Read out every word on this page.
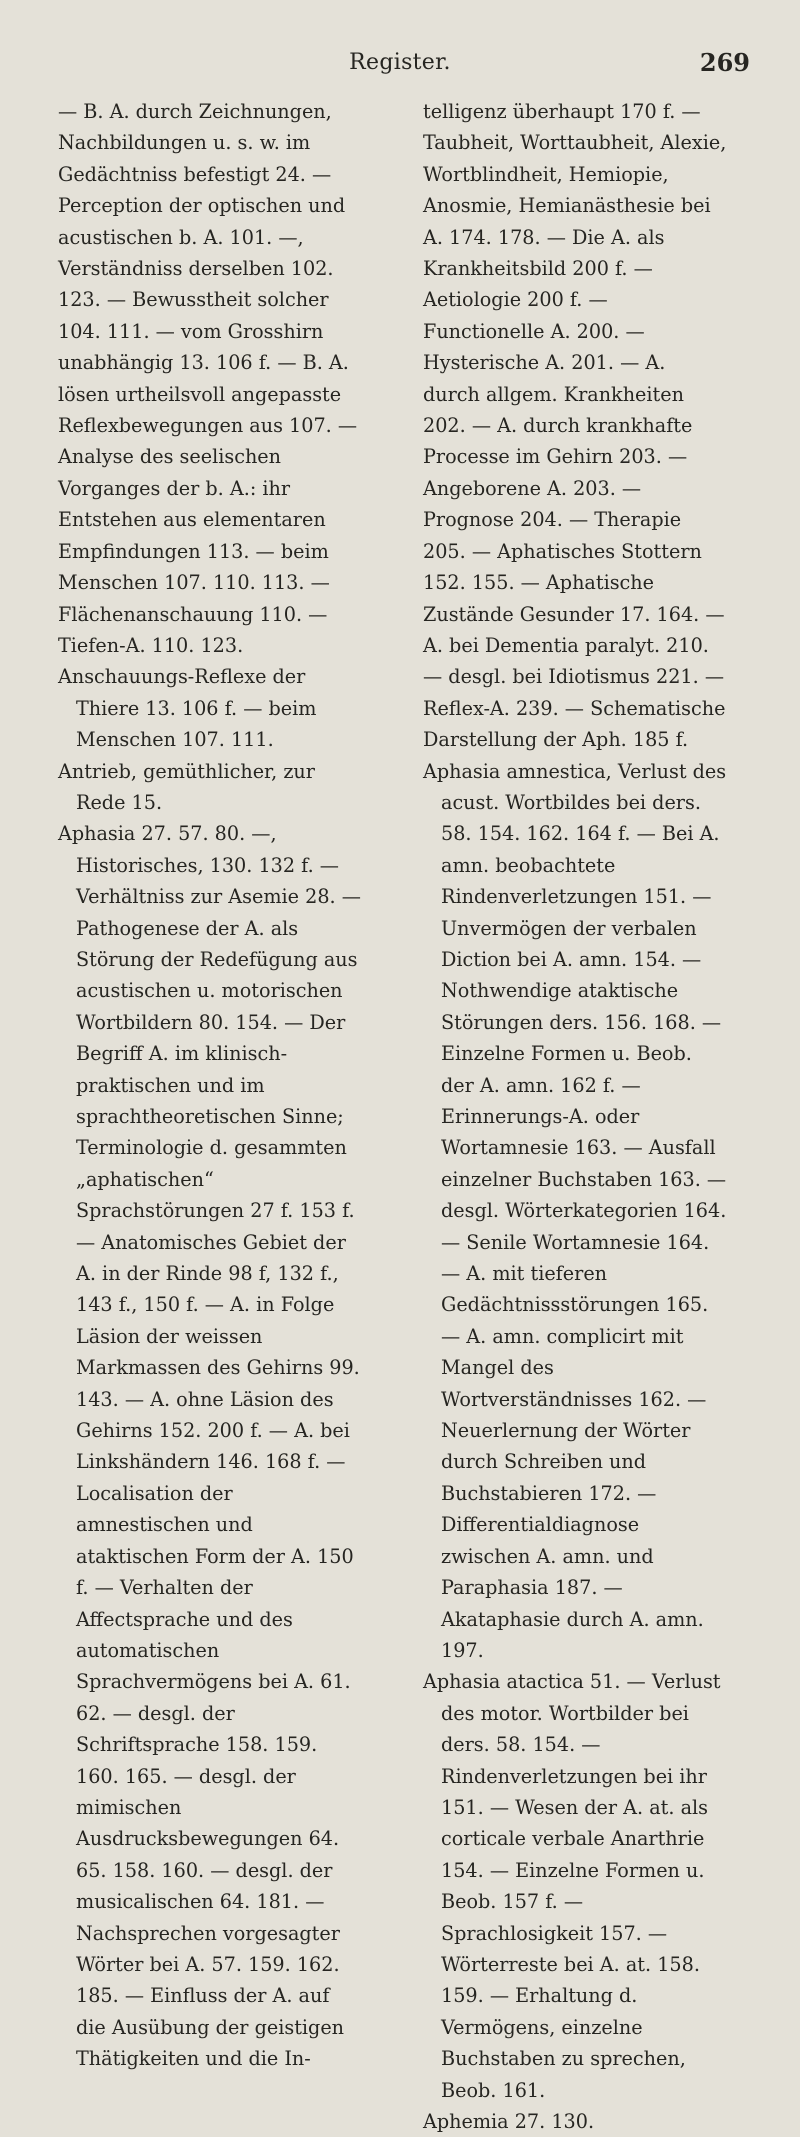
Register.	269

— B. A. durch Zeichnungen, Nachbildungen u. s. w. im Gedächtniss befestigt 24. — Perception der optischen und acustischen b. A. 101. —, Verständniss derselben 102. 123. — Bewusstheit solcher 104. 111. — vom Grosshirn unabhängig 13. 106 f. — B. A. lösen urtheilsvoll angepasste Reflexbewegungen aus 107. — Analyse des seelischen Vorganges der b. A.: ihr Entstehen aus elementaren Empfindungen 113. — beim Menschen 107. 110. 113. — Flächenanschauung 110. — Tiefen-A. 110. 123.

Anschauungs-Reflexe der Thiere 13. 106 f. — beim Menschen 107. 111.

Antrieb, gemüthlicher, zur Rede 15.

Aphasia 27. 57. 80. —, Historisches, 130. 132 f. — Verhältniss zur Asemie 28. — Pathogenese der A. als Störung der Redefügung aus acustischen u. motorischen Wortbildern 80. 154. — Der Begriff A. im klinisch-praktischen und im sprachtheoretischen Sinne; Terminologie d. gesammten „aphatischen“ Sprachstörungen 27 f. 153 f. — Anatomisches Gebiet der A. in der Rinde 98 f, 132 f., 143 f., 150 f. — A. in Folge Läsion der weissen Markmassen des Gehirns 99. 143. — A. ohne Läsion des Gehirns 152. 200 f. — A. bei Linkshändern 146. 168 f. — Localisation der amnestischen und ataktischen Form der A. 150 f. — Verhalten der Affectsprache und des automatischen Sprachvermögens bei A. 61. 62. — desgl. der Schriftsprache 158. 159. 160. 165. — desgl. der mimischen Ausdrucksbewegungen 64. 65. 158. 160. — desgl. der musicalischen 64. 181. — Nachsprechen vorgesagter Wörter bei A. 57. 159. 162. 185. — Einfluss der A. auf die Ausübung der geistigen Thätigkeiten und die In-

telligenz überhaupt 170 f. — Taubheit, Worttaubheit, Alexie, Wortblindheit, Hemiopie, Anosmie, Hemianästhesie bei A. 174. 178. — Die A. als Krankheitsbild 200 f. — Aetiologie 200 f. — Functionelle A. 200. — Hysterische A. 201. — A. durch allgem. Krankheiten 202. — A. durch krankhafte Processe im Gehirn 203. — Angeborene A. 203. — Prognose 204. — Therapie 205. — Aphatisches Stottern 152. 155. — Aphatische Zustände Gesunder 17. 164. — A. bei Dementia paralyt. 210. — desgl. bei Idiotismus 221. — Reflex-A. 239. — Schematische Darstellung der Aph. 185 f.

Aphasia amnestica, Verlust des acust. Wortbildes bei ders. 58. 154. 162. 164 f. — Bei A. amn. beobachtete Rindenverletzungen 151. — Unvermögen der verbalen Diction bei A. amn. 154. — Nothwendige ataktische Störungen ders. 156. 168. — Einzelne Formen u. Beob. der A. amn. 162 f. — Erinnerungs-A. oder Wortamnesie 163. — Ausfall einzelner Buchstaben 163. — desgl. Wörterkategorien 164. — Senile Wortamnesie 164. — A. mit tieferen Gedächtnissstörungen 165. — A. amn. complicirt mit Mangel des Wortverständnisses 162. — Neuerlernung der Wörter durch Schreiben und Buchstabieren 172. — Differentialdiagnose zwischen A. amn. und Paraphasia 187. — Akataphasie durch A. amn. 197.

Aphasia atactica 51. — Verlust des motor. Wortbilder bei ders. 58. 154. — Rindenverletzungen bei ihr 151. — Wesen der A. at. als corticale verbale Anarthrie 154. — Einzelne Formen u. Beob. 157 f. — Sprachlosigkeit 157. — Wörterreste bei A. at. 158. 159. — Erhaltung d. Vermögens, einzelne Buchstaben zu sprechen, Beob. 161.

Aphemia 27. 130.
